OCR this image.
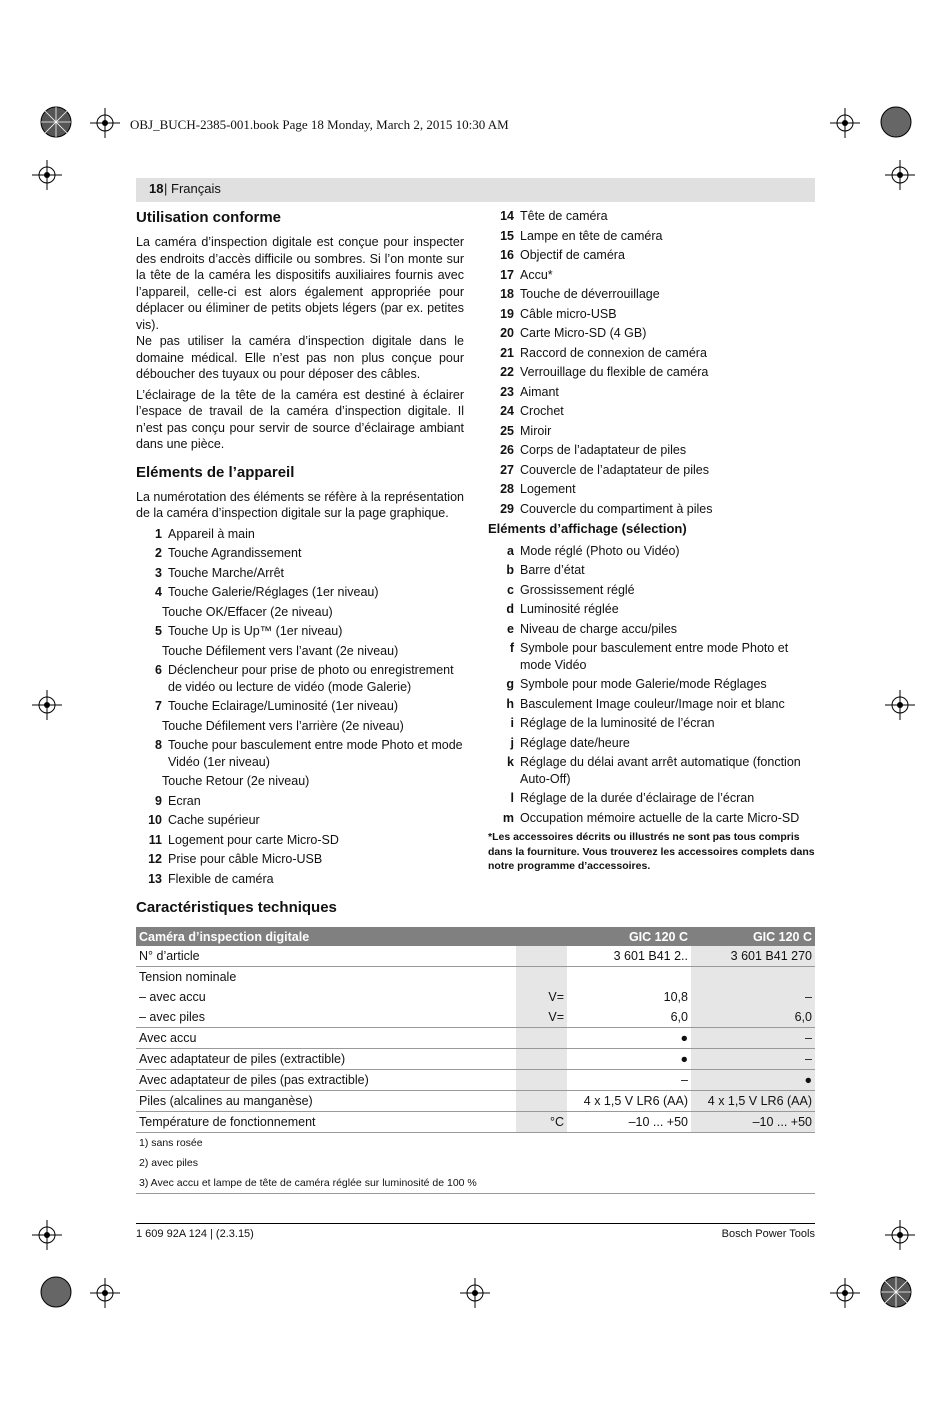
OBJ_BUCH-2385-001.book Page 18 Monday, March 2, 2015 10:30 AM
18 | Français
Utilisation conforme

La caméra d’inspection digitale est conçue pour inspecter des endroits d’accès difficile ou sombres. Si l’on monte sur la tête de la caméra les dispositifs auxiliaires fournis avec l’appareil, celle-ci est alors également appropriée pour déplacer ou éliminer de petits objets légers (par ex. petites vis).

Ne pas utiliser la caméra d’inspection digitale dans le domaine médical. Elle n’est pas non plus conçue pour déboucher des tuyaux ou pour déposer des câbles.

L’éclairage de la tête de la caméra est destiné à éclairer l’espace de travail de la caméra d’inspection digitale. Il n’est pas conçu pour servir de source d’éclairage ambiant dans une pièce.

Eléments de l’appareil

La numérotation des éléments se réfère à la représentation de la caméra d’inspection digitale sur la page graphique.

1 Appareil à main
2 Touche Agrandissement
3 Touche Marche/Arrêt
4 Touche Galerie/Réglages (1er niveau)
Touche OK/Effacer (2e niveau)
5 Touche Up is Up™ (1er niveau)
Touche Défilement vers l’avant (2e niveau)
6 Déclencheur pour prise de photo ou enregistrement de vidéo ou lecture de vidéo (mode Galerie)
7 Touche Eclairage/Luminosité (1er niveau)
Touche Défilement vers l’arrière (2e niveau)
8 Touche pour basculement entre mode Photo et mode Vidéo (1er niveau)
Touche Retour (2e niveau)
9 Ecran
10 Cache supérieur
11 Logement pour carte Micro-SD
12 Prise pour câble Micro-USB
13 Flexible de caméra
14 Tête de caméra
15 Lampe en tête de caméra
16 Objectif de caméra
17 Accu*
18 Touche de déverrouillage
19 Câble micro-USB
20 Carte Micro-SD (4 GB)
21 Raccord de connexion de caméra
22 Verrouillage du flexible de caméra
23 Aimant
24 Crochet
25 Miroir
26 Corps de l’adaptateur de piles
27 Couvercle de l’adaptateur de piles
28 Logement
29 Couvercle du compartiment à piles
Eléments d’affichage (sélection)
a Mode réglé (Photo ou Vidéo)
b Barre d’état
c Grossissement réglé
d Luminosité réglée
e Niveau de charge accu/piles
f Symbole pour basculement entre mode Photo et mode Vidéo
g Symbole pour mode Galerie/mode Réglages
h Basculement Image couleur/Image noir et blanc
i Réglage de la luminosité de l’écran
j Réglage date/heure
k Réglage du délai avant arrêt automatique (fonction Auto-Off)
l Réglage de la durée d’éclairage de l’écran
m Occupation mémoire actuelle de la carte Micro-SD
*Les accessoires décrits ou illustrés ne sont pas tous compris dans la fourniture. Vous trouverez les accessoires complets dans notre programme d’accessoires.
Caractéristiques techniques
Caméra d’inspection digitale		GIC 120 C	GIC 120 C
N° d’article		3 601 B41 2..	3 601 B41 270
Tension nominale			
– avec accu	V=	10,8	–
– avec piles	V=	6,0	6,0
Avec accu		●	–
Avec adaptateur de piles (extractible)		●	–
Avec adaptateur de piles (pas extractible)		–	●
Piles (alcalines au manganèse)		4 x 1,5 V LR6 (AA)	4 x 1,5 V LR6 (AA)
Température de fonctionnement	°C	–10 ... +50	–10 ... +50
1) sans rosée			
2) avec piles			
3) Avec accu et lampe de tête de caméra réglée sur luminosité de 100 %			
1 609 92A 124 | (2.3.15)	Bosch Power Tools
